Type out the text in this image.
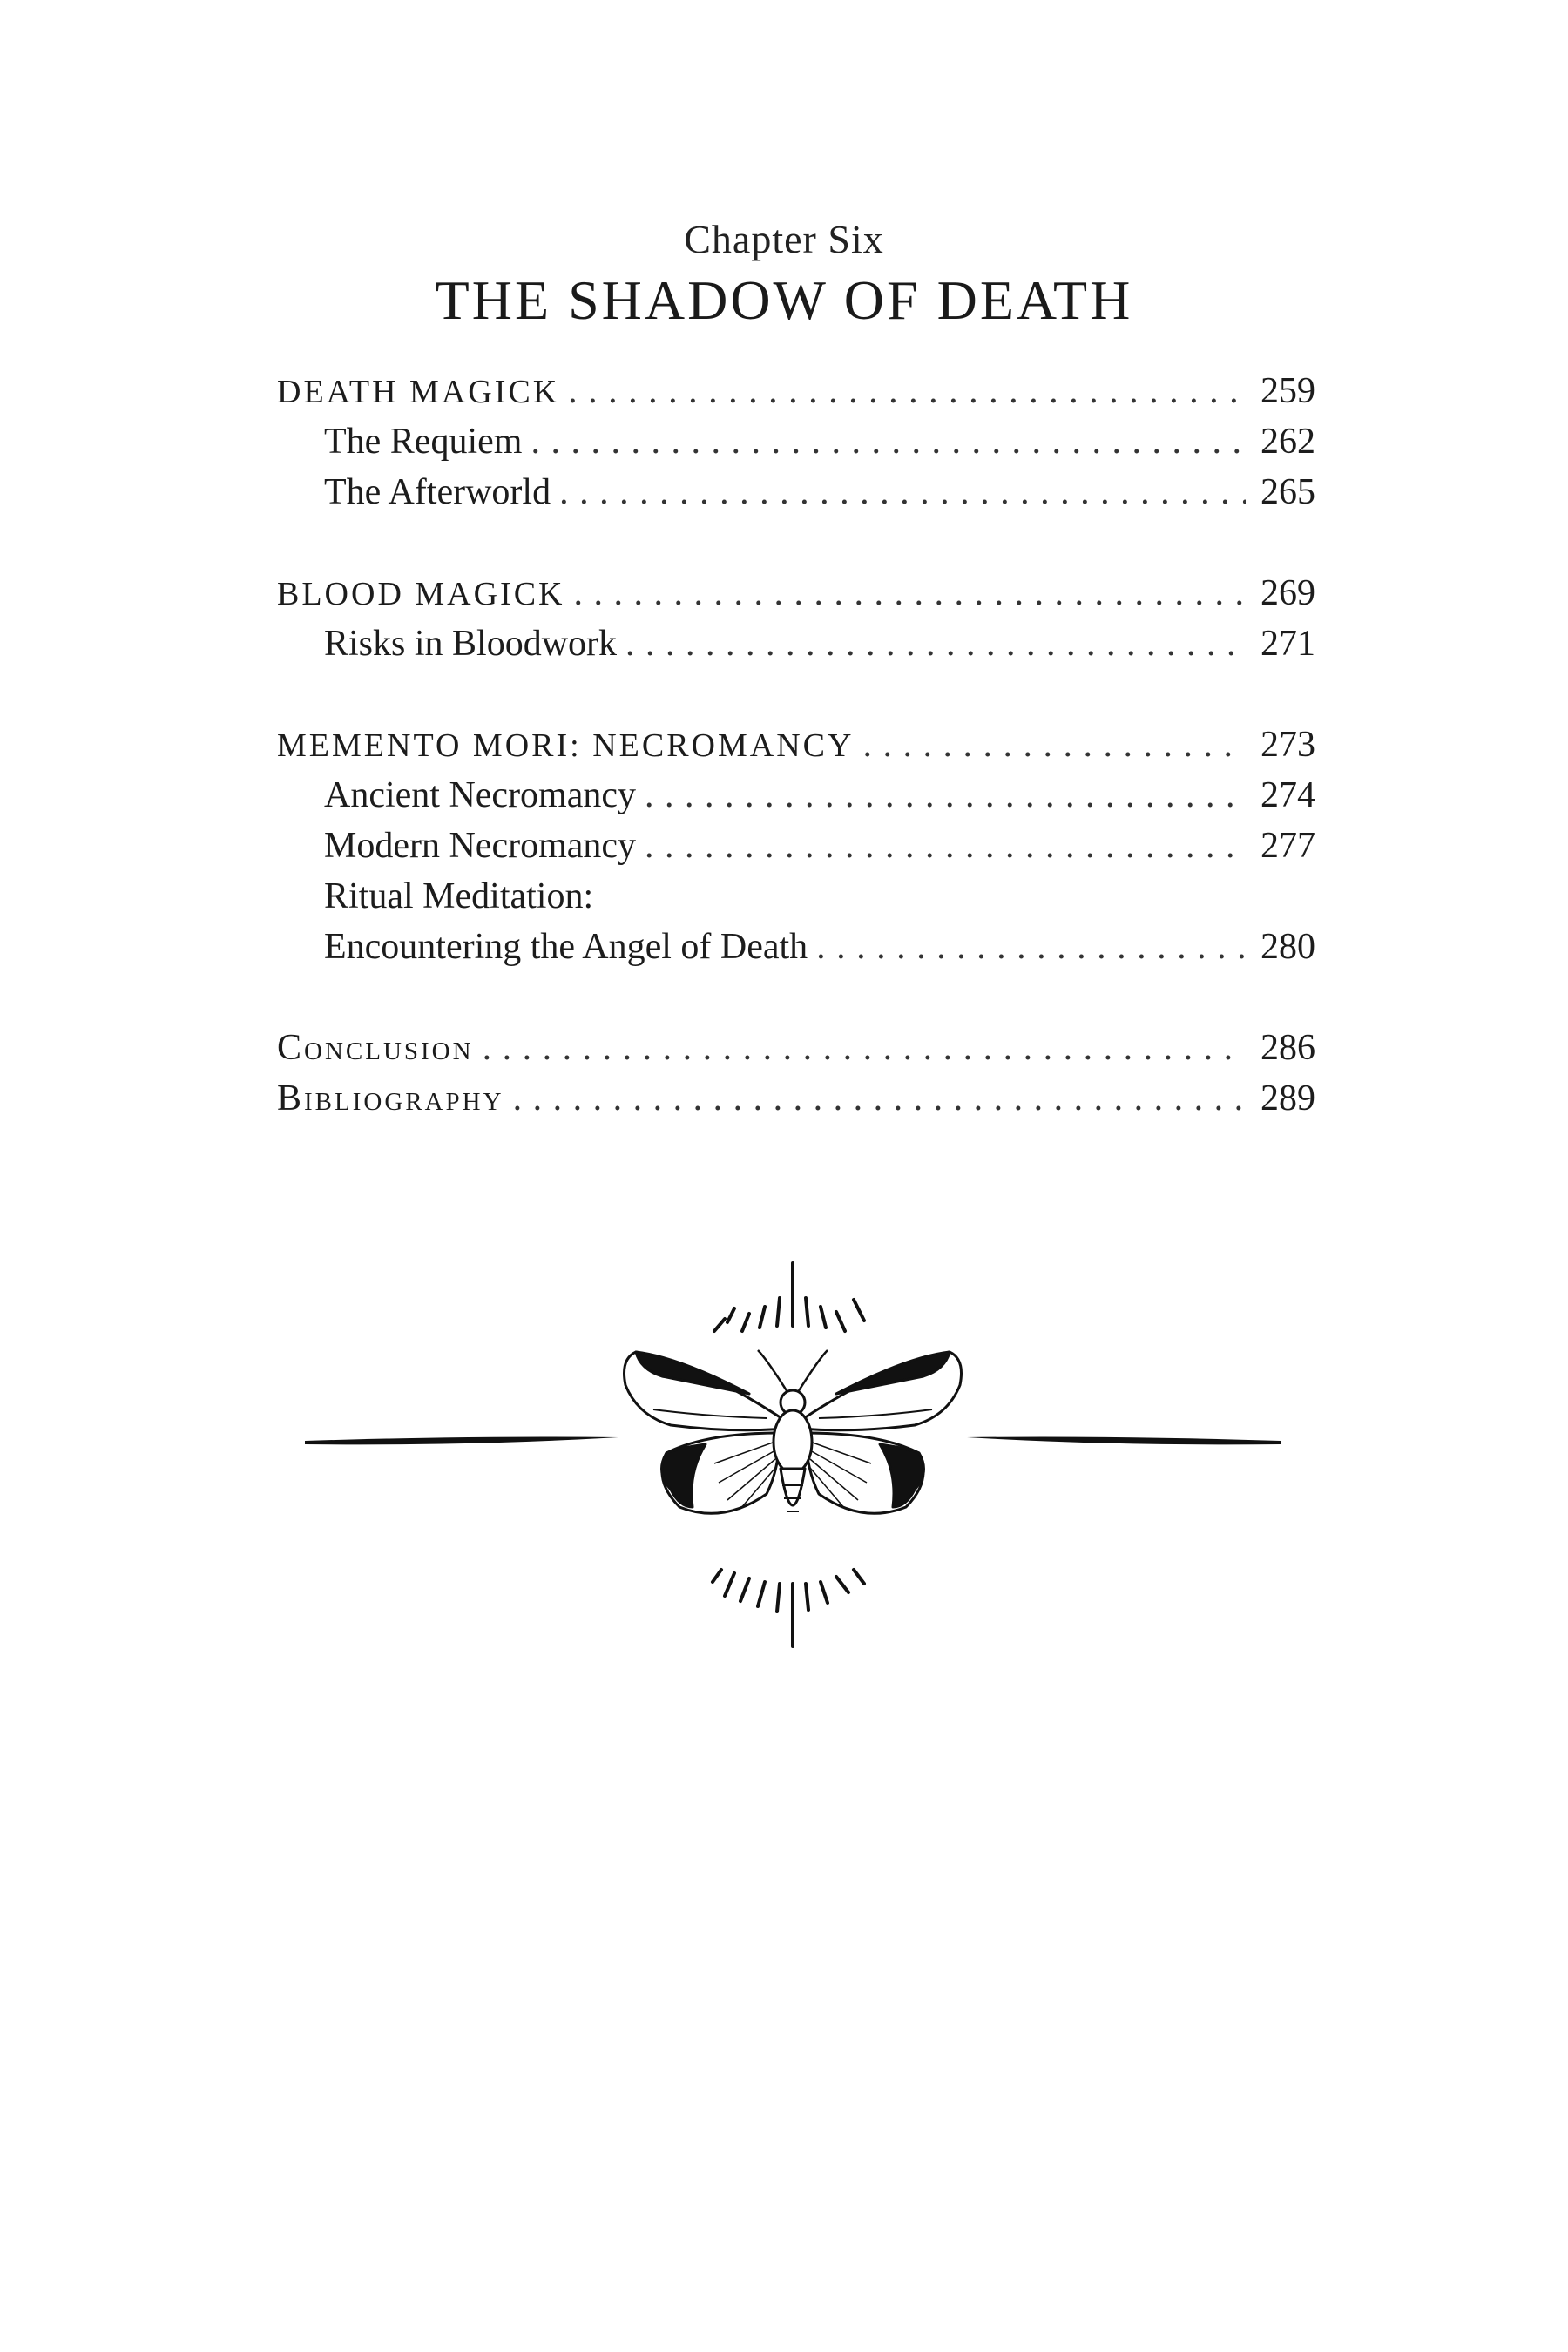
Chapter Six
THE SHADOW OF DEATH
DEATH MAGICK . . .	259
The Requiem . . .	262
The Afterworld . . .	265
BLOOD MAGICK . . .	269
Risks in Bloodwork . . .	271
MEMENTO MORI: NECROMANCY . . .	273
Ancient Necromancy . . .	274
Modern Necromancy . . .	277
Ritual Meditation:
Encountering the Angel of Death . . .	280
Conclusion . . .	286
Bibliography . . .	289
